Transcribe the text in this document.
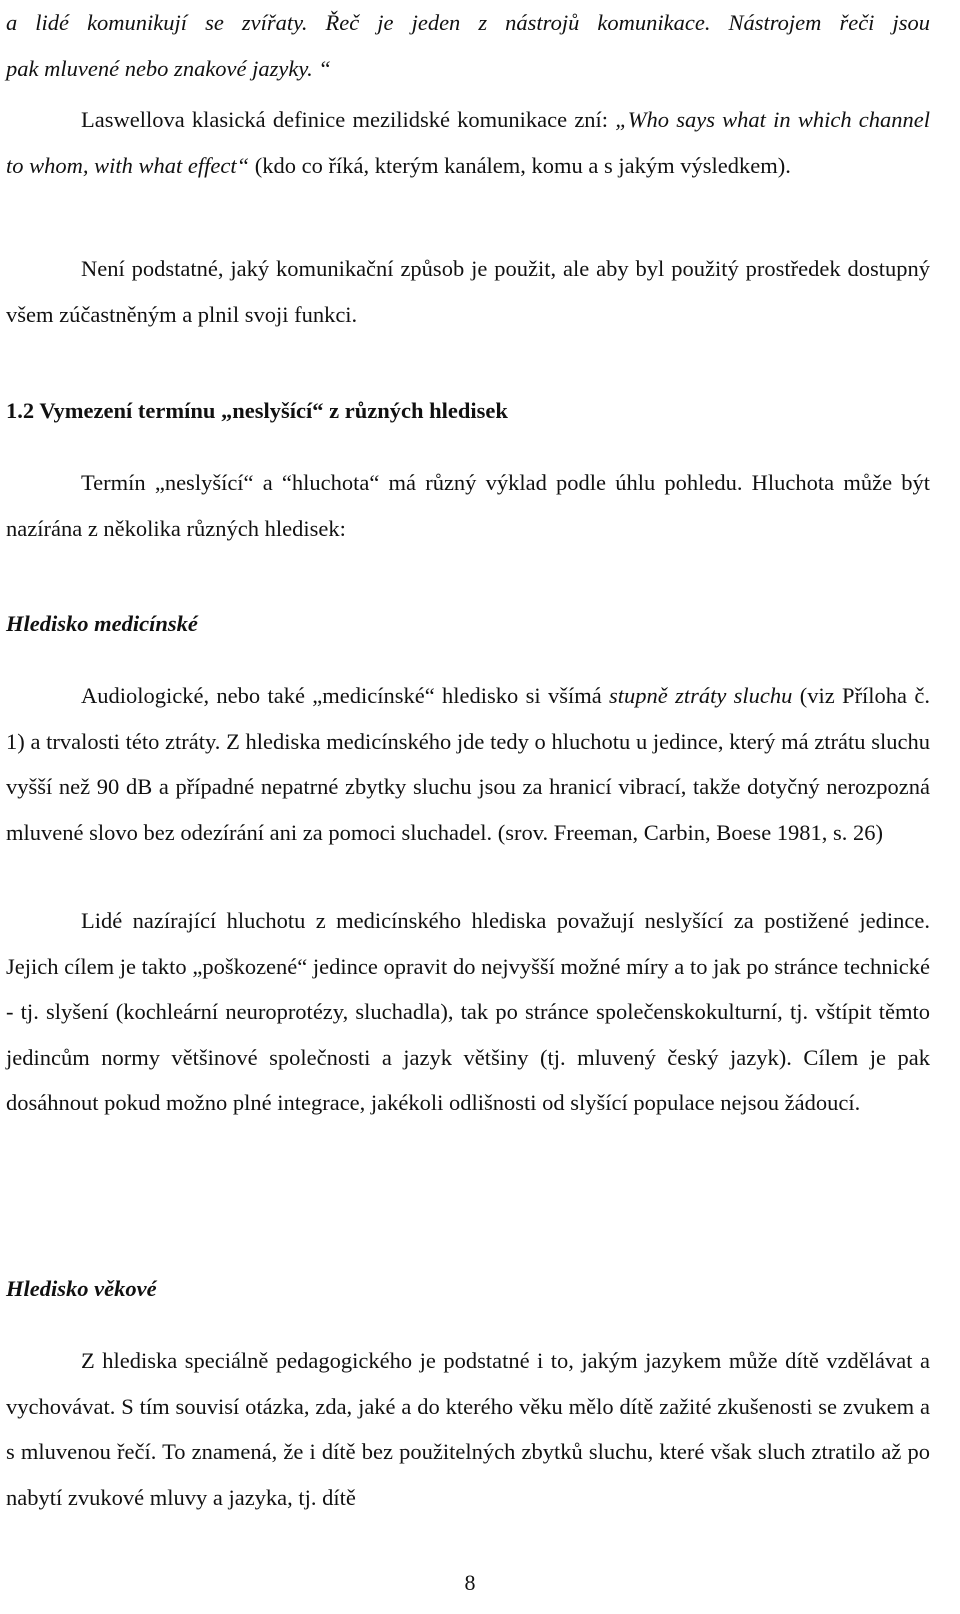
a lidé komunikují se zvířaty. Řeč je jeden z nástrojů komunikace. Nástrojem řeči jsou

pak mluvené nebo znakové jazyky. “

Laswellova klasická definice mezilidské komunikace zní: „Who says what in which channel to whom, with what effect“ (kdo co říká, kterým kanálem, komu a s jakým výsledkem).

Není podstatné, jaký komunikační způsob je použit, ale aby byl použitý prostředek dostupný všem zúčastněným a plnil svoji funkci.

1.2 Vymezení termínu „neslyšící“ z různých hledisek

Termín „neslyšící“ a “hluchota“ má různý výklad podle úhlu pohledu. Hluchota může být nazírána z několika různých hledisek:

Hledisko medicínské

Audiologické, nebo také „medicínské“ hledisko si všímá stupně ztráty sluchu (viz Příloha č. 1) a trvalosti této ztráty. Z hlediska medicínského jde tedy o hluchotu u jedince, který má ztrátu sluchu vyšší než 90 dB a případné nepatrné zbytky sluchu jsou za hranicí vibrací, takže dotyčný nerozpozná mluvené slovo bez odezírání ani za pomoci sluchadel. (srov. Freeman, Carbin, Boese 1981, s. 26)

Lidé nazírající hluchotu z medicínského hlediska považují neslyšící za postižené jedince. Jejich cílem je takto „poškozené“ jedince opravit do nejvyšší možné míry a to jak po stránce technické - tj. slyšení (kochleární neuroprotézy, sluchadla), tak po stránce společenskokulturní, tj. vštípit těmto jedincům normy většinové společnosti a jazyk většiny (tj. mluvený český jazyk). Cílem je pak dosáhnout pokud možno plné integrace, jakékoli odlišnosti od slyšící populace nejsou žádoucí.

Hledisko věkové

Z hlediska speciálně pedagogického je podstatné i to, jakým jazykem může dítě vzdělávat a vychovávat. S tím souvisí otázka, zda, jaké a do kterého věku mělo dítě zažité zkušenosti se zvukem a s mluvenou řečí. To znamená, že i dítě bez použitelných zbytků sluchu, které však sluch ztratilo až po nabytí zvukové mluvy a jazyka, tj. dítě

8
